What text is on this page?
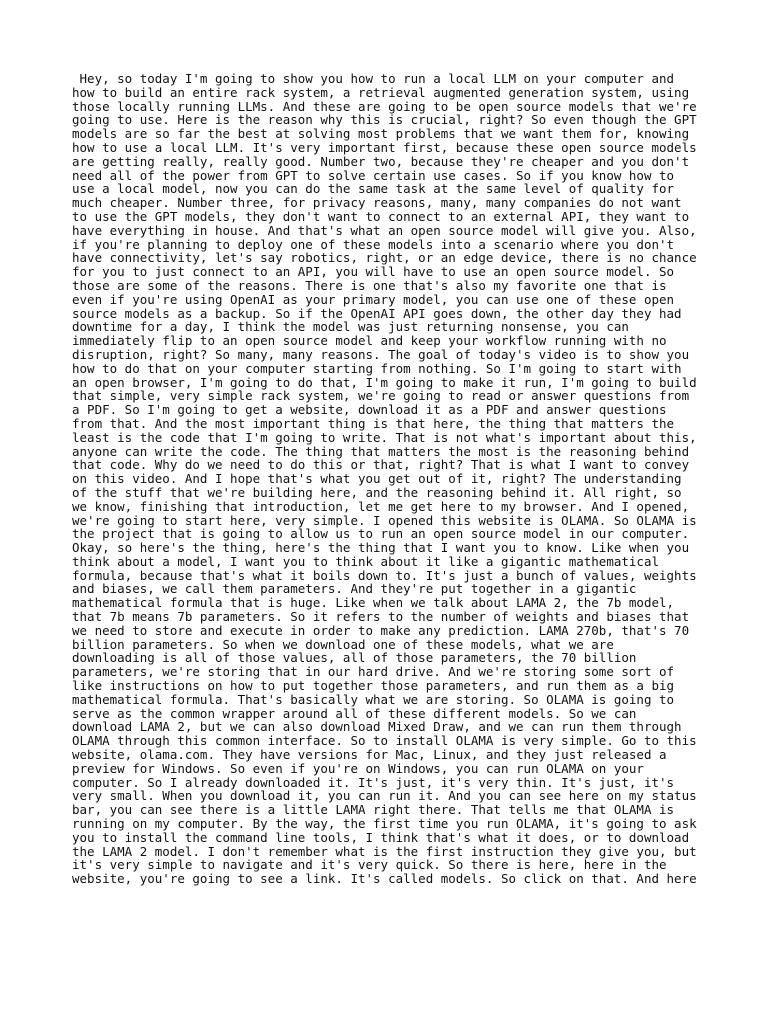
Hey, so today I'm going to show you how to run a local LLM on your computer and
how to build an entire rack system, a retrieval augmented generation system, using
those locally running LLMs. And these are going to be open source models that we're
going to use. Here is the reason why this is crucial, right? So even though the GPT
models are so far the best at solving most problems that we want them for, knowing
how to use a local LLM. It's very important first, because these open source models
are getting really, really good. Number two, because they're cheaper and you don't
need all of the power from GPT to solve certain use cases. So if you know how to
use a local model, now you can do the same task at the same level of quality for
much cheaper. Number three, for privacy reasons, many, many companies do not want
to use the GPT models, they don't want to connect to an external API, they want to
have everything in house. And that's what an open source model will give you. Also,
if you're planning to deploy one of these models into a scenario where you don't
have connectivity, let's say robotics, right, or an edge device, there is no chance
for you to just connect to an API, you will have to use an open source model. So
those are some of the reasons. There is one that's also my favorite one that is
even if you're using OpenAI as your primary model, you can use one of these open
source models as a backup. So if the OpenAI API goes down, the other day they had
downtime for a day, I think the model was just returning nonsense, you can
immediately flip to an open source model and keep your workflow running with no
disruption, right? So many, many reasons. The goal of today's video is to show you
how to do that on your computer starting from nothing. So I'm going to start with
an open browser, I'm going to do that, I'm going to make it run, I'm going to build
that simple, very simple rack system, we're going to read or answer questions from
a PDF. So I'm going to get a website, download it as a PDF and answer questions
from that. And the most important thing is that here, the thing that matters the
least is the code that I'm going to write. That is not what's important about this,
anyone can write the code. The thing that matters the most is the reasoning behind
that code. Why do we need to do this or that, right? That is what I want to convey
on this video. And I hope that's what you get out of it, right? The understanding
of the stuff that we're building here, and the reasoning behind it. All right, so
we know, finishing that introduction, let me get here to my browser. And I opened,
we're going to start here, very simple. I opened this website is OLAMA. So OLAMA is
the project that is going to allow us to run an open source model in our computer.
Okay, so here's the thing, here's the thing that I want you to know. Like when you
think about a model, I want you to think about it like a gigantic mathematical
formula, because that's what it boils down to. It's just a bunch of values, weights
and biases, we call them parameters. And they're put together in a gigantic
mathematical formula that is huge. Like when we talk about LAMA 2, the 7b model,
that 7b means 7b parameters. So it refers to the number of weights and biases that
we need to store and execute in order to make any prediction. LAMA 270b, that's 70
billion parameters. So when we download one of these models, what we are
downloading is all of those values, all of those parameters, the 70 billion
parameters, we're storing that in our hard drive. And we're storing some sort of
like instructions on how to put together those parameters, and run them as a big
mathematical formula. That's basically what we are storing. So OLAMA is going to
serve as the common wrapper around all of these different models. So we can
download LAMA 2, but we can also download Mixed Draw, and we can run them through
OLAMA through this common interface. So to install OLAMA is very simple. Go to this
website, olama.com. They have versions for Mac, Linux, and they just released a
preview for Windows. So even if you're on Windows, you can run OLAMA on your
computer. So I already downloaded it. It's just, it's very thin. It's just, it's
very small. When you download it, you can run it. And you can see here on my status
bar, you can see there is a little LAMA right there. That tells me that OLAMA is
running on my computer. By the way, the first time you run OLAMA, it's going to ask
you to install the command line tools, I think that's what it does, or to download
the LAMA 2 model. I don't remember what is the first instruction they give you, but
it's very simple to navigate and it's very quick. So there is here, here in the
website, you're going to see a link. It's called models. So click on that. And here
